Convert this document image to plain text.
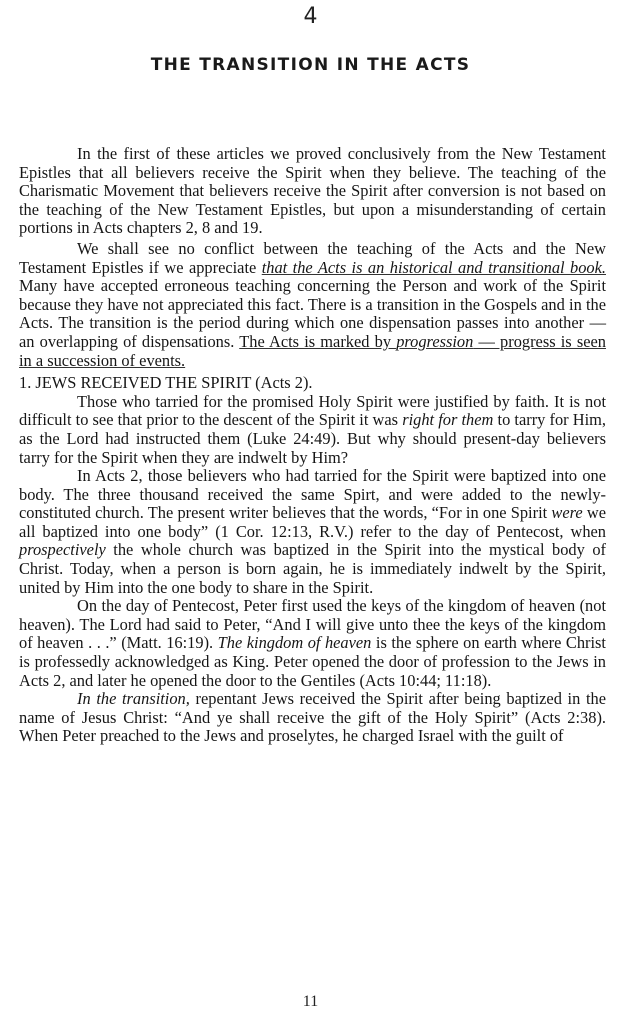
4
THE TRANSITION IN THE ACTS

In the first of these articles we proved conclusively from the New Testament Epistles that all believers receive the Spirit when they believe. The teaching of the Charismatic Movement that believers receive the Spirit after conversion is not based on the teaching of the New Testament Epistles, but upon a misunderstanding of certain portions in Acts chapters 2, 8 and 19.

We shall see no conflict between the teaching of the Acts and the New Testament Epistles if we appreciate that the Acts is an historical and transitional book. Many have accepted erroneous teaching concerning the Person and work of the Spirit because they have not appreciated this fact. There is a transition in the Gospels and in the Acts. The transition is the period during which one dispensation passes into another — an overlapping of dispensations. The Acts is marked by progression — progress is seen in a succession of events.

1. JEWS RECEIVED THE SPIRIT (Acts 2).

Those who tarried for the promised Holy Spirit were justified by faith. It is not difficult to see that prior to the descent of the Spirit it was right for them to tarry for Him, as the Lord had instructed them (Luke 24:49). But why should present-day believers tarry for the Spirit when they are indwelt by Him?

In Acts 2, those believers who had tarried for the Spirit were baptized into one body. The three thousand received the same Spirt, and were added to the newly-constituted church. The present writer believes that the words, “For in one Spirit were we all baptized into one body” (1 Cor. 12:13, R.V.) refer to the day of Pentecost, when prospectively the whole church was baptized in the Spirit into the mystical body of Christ. Today, when a person is born again, he is immediately indwelt by the Spirit, united by Him into the one body to share in the Spirit.

On the day of Pentecost, Peter first used the keys of the kingdom of heaven (not heaven). The Lord had said to Peter, “And I will give unto thee the keys of the kingdom of heaven . . .” (Matt. 16:19). The kingdom of heaven is the sphere on earth where Christ is professedly acknowledged as King. Peter opened the door of profession to the Jews in Acts 2, and later he opened the door to the Gentiles (Acts 10:44; 11:18).

In the transition, repentant Jews received the Spirit after being baptized in the name of Jesus Christ: “And ye shall receive the gift of the Holy Spirit” (Acts 2:38). When Peter preached to the Jews and proselytes, he charged Israel with the guilt of

11
